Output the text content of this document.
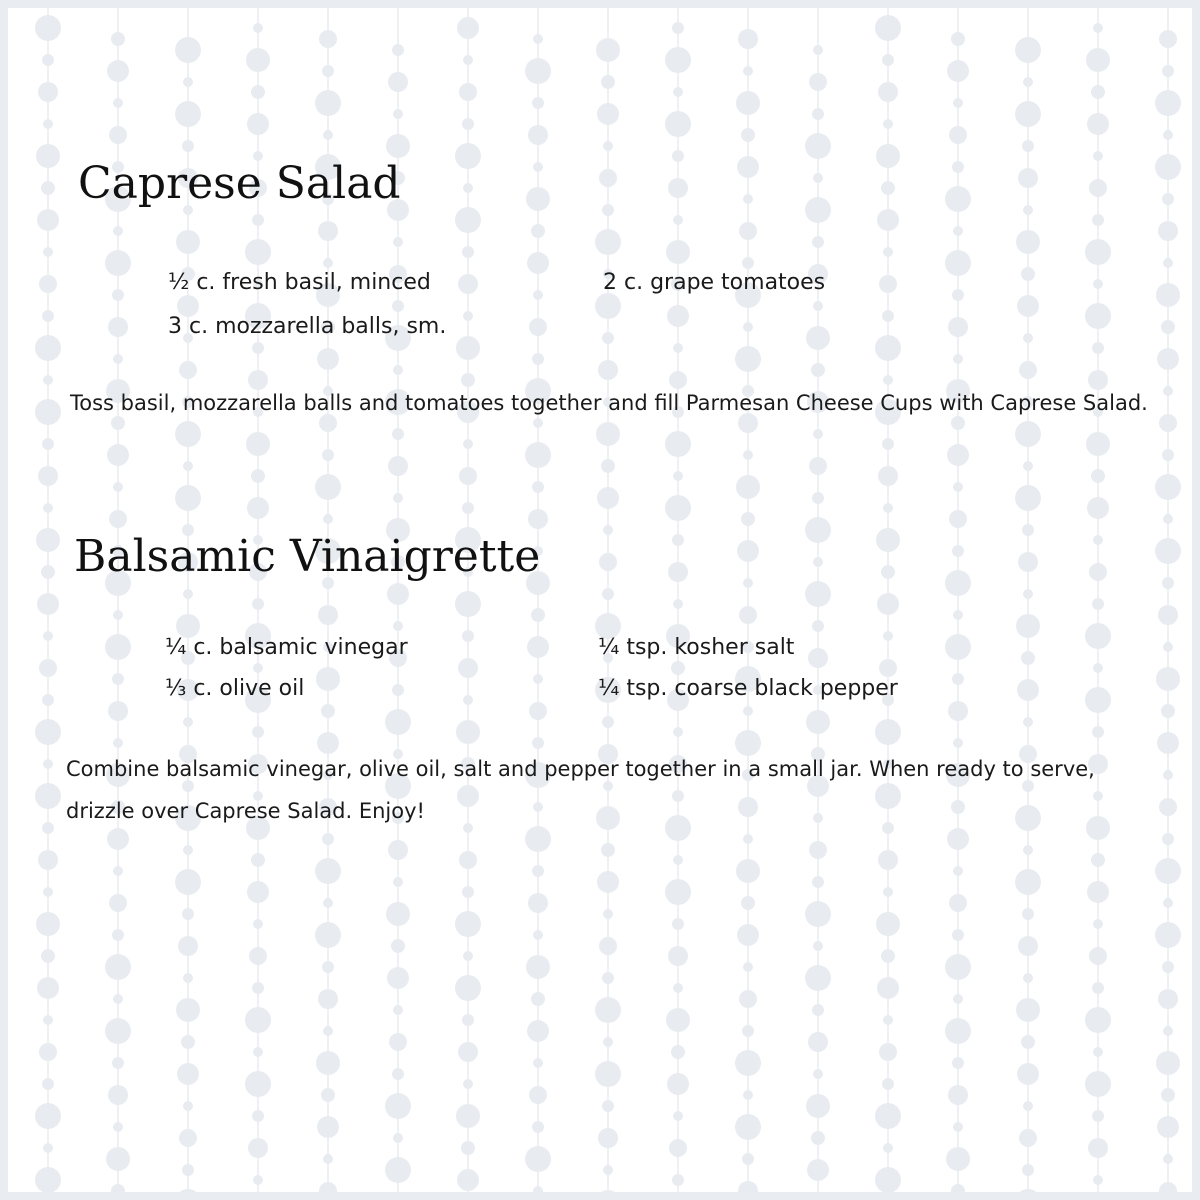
Caprese Salad
½ c. fresh basil, minced	2 c. grape tomatoes
3 c. mozzarella balls, sm.
Toss basil, mozzarella balls and tomatoes together and fill Parmesan Cheese Cups with Caprese Salad.
Balsamic Vinaigrette
¼ c. balsamic vinegar	¼ tsp. kosher salt
⅓ c. olive oil	¼ tsp. coarse black pepper
Combine balsamic vinegar, olive oil, salt and pepper together in a small jar. When ready to serve, drizzle over Caprese Salad. Enjoy!
